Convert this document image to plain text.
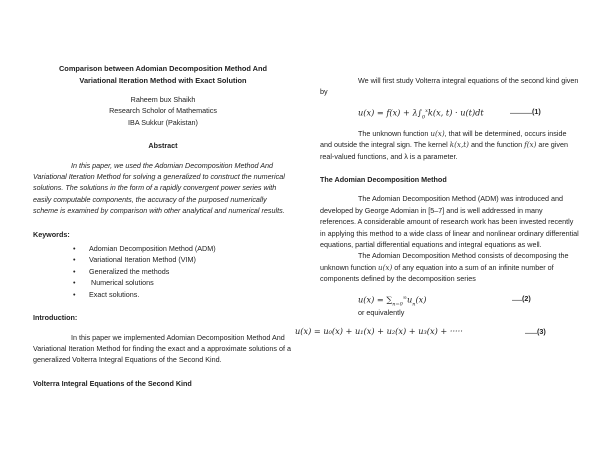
Comparison between Adomian Decomposition Method And Variational Iteration Method with Exact Solution

Raheem bux Shaikh

Research Scholor of Mathematics

IBA Sukkur (Pakistan)

Abstract

In this paper, we used the Adomian Decomposition Method And Variational Iteration Method for solving a generalized to construct the numerical solutions. The solutions in the form of a rapidly convergent power series with easily computable components, the accuracy of the purposed numerically scheme is examined by comparison with other analytical and numerical results.

Keywords:

• Adomian Decomposition Method (ADM)
• Variational Iteration Method (VIM)
• Generalized the methods
• Numerical solutions
• Exact solutions.

Introduction:

In this paper we implemented Adomian Decomposition Method And Variational Iteration Method for finding the exact and a approximate solutions of a generalized Volterra Integral Equations of the Second Kind.

Volterra Integral Equations of the Second Kind

We will first study Volterra integral equations of the second kind given by

$u(x) = f(x) + \lambda\int_0^xk(x$, t) · u(t)dt	...........(1)

The unknown function u(x), that will be determined, occurs inside and outside the integral sign. The kernel k(x,t) and the function f(x) are given real-valued functions, and λ is a parameter.

The Adomian Decomposition Method

The Adomian Decomposition Method (ADM) was introduced and developed by George Adomian in [5–7] and is well addressed in many references. A considerable amount of research work has been invested recently in applying this method to a wide class of linear and nonlinear ordinary differential equations, partial differential equations and integral equations as well.

The Adomian Decomposition Method consists of decomposing the unknown function u(x) of any equation into a sum of an infinite number of components defined by the decomposition series

$u(x) = \sum_{n=0}^\infty u_n(x)$	.....(2)

or equivalently

u(x) = u₀(x) + u₁(x) + u₂(x) + u₃(x) + ·····	......(3)
